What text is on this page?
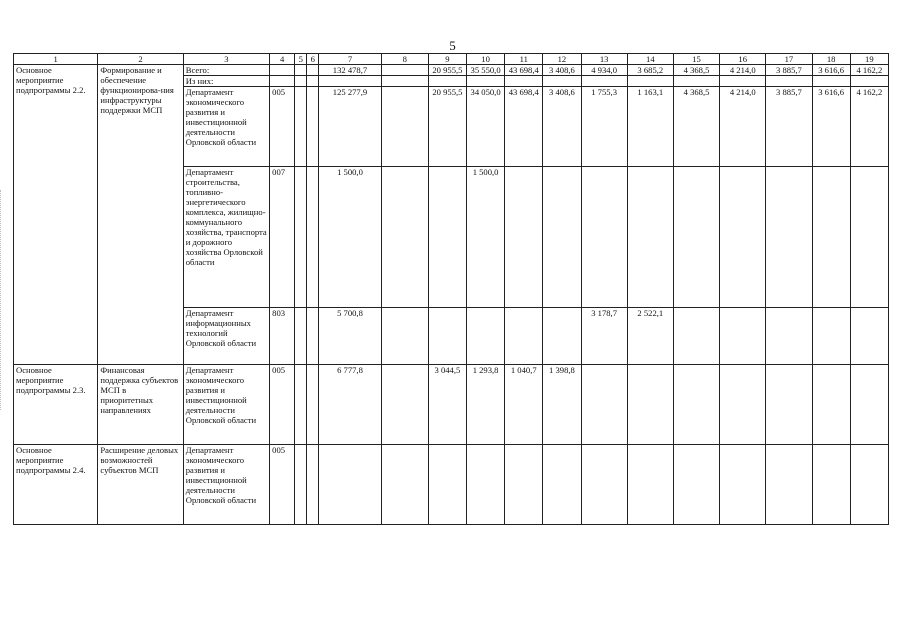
5
1	2	3	4	5	6	7	8	9	10	11	12	13	14	15	16	17	18	19
Основное мероприятие подпрограммы 2.2.	Формирование и обеспечение функционирова-ния инфраструктуры поддержки МСП	Всего:				132 478,7		20 955,5	35 550,0	43 698,4	3 408,6	4 934,0	3 685,2	4 368,5	4 214,0	3 885,7	3 616,6	4 162,2
		Из них:																
		Департамент экономического развития и инвестиционной деятельности Орловской области	005			125 277,9		20 955,5	34 050,0	43 698,4	3 408,6	1 755,3	1 163,1	4 368,5	4 214,0	3 885,7	3 616,6	4 162,2
		Департамент строительства, топливно-энергетического комплекса, жилищно-коммунального хозяйства, транспорта и дорожного хозяйства Орловской области	007			1 500,0			1 500,0									
		Департамент информационных технологий Орловской области	803			5 700,8						3 178,7	2 522,1					
Основное мероприятие подпрограммы 2.3.	Финансовая поддержка субъектов МСП в приоритетных направлениях	Департамент экономического развития и инвестиционной деятельности Орловской области	005			6 777,8		3 044,5	1 293,8	1 040,7	1 398,8							
Основное мероприятие подпрограммы 2.4.	Расширение деловых возможностей субъектов МСП	Департамент экономического развития и инвестиционной деятельности Орловской области	005															
